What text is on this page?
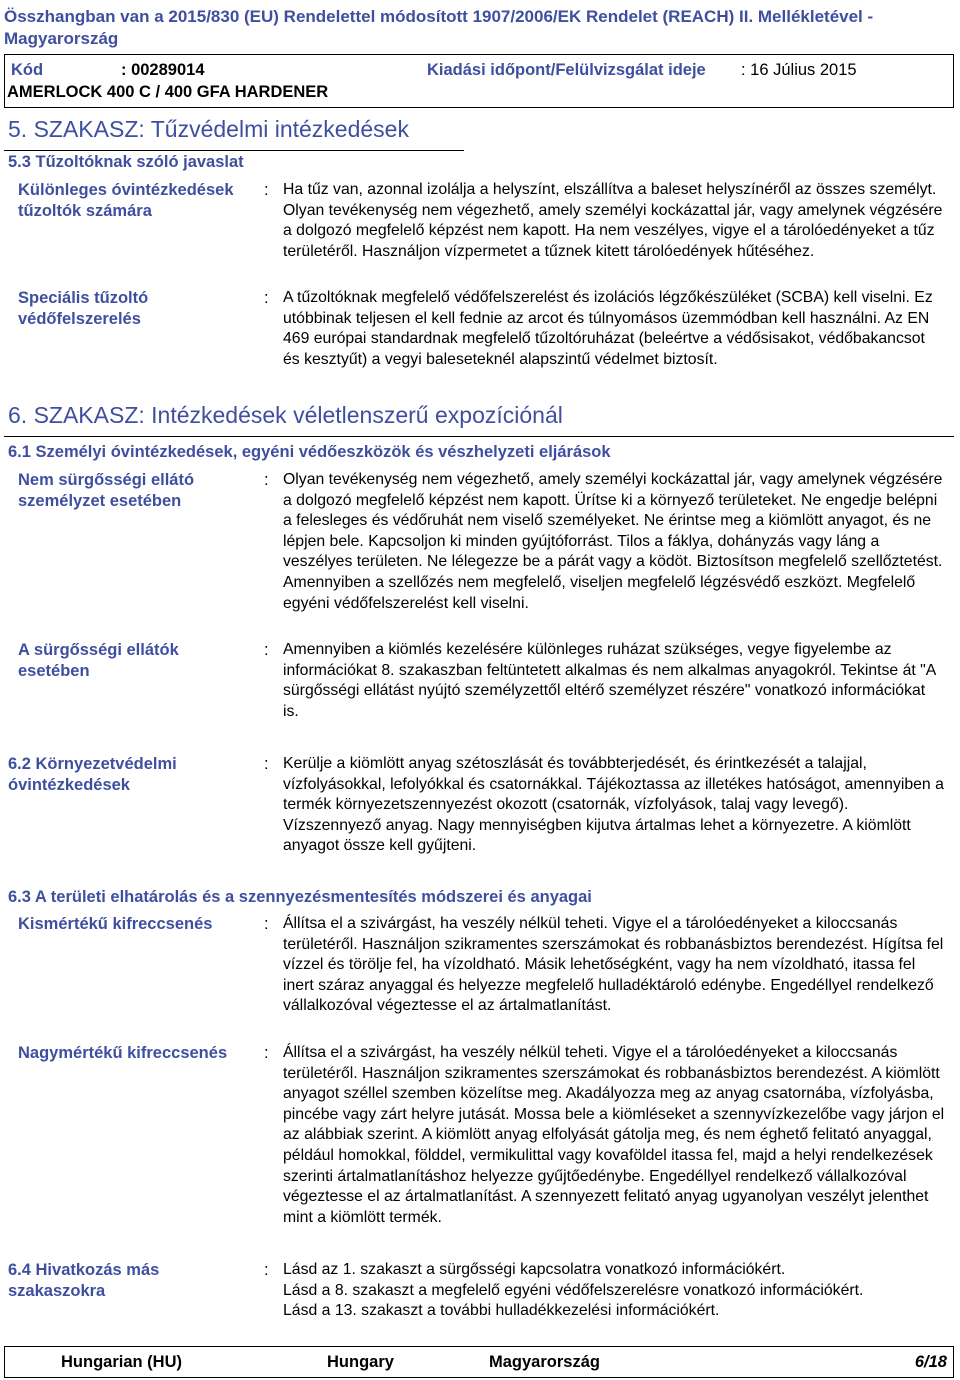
Összhangban van a 2015/830 (EU) Rendelettel módosított 1907/2006/EK Rendelet (REACH) II. Mellékletével - Magyarország
Kód	: 00289014	Kiadási időpont/Felülvizsgálat ideje : 16 Július 2015
AMERLOCK 400 C / 400 GFA HARDENER
5. SZAKASZ: Tűzvédelmi intézkedések
5.3 Tűzoltóknak szóló javaslat
Különleges óvintézkedések tűzoltók számára
: Ha tűz van, azonnal izolálja a helyszínt, elszállítva a baleset helyszínéről az összes személyt. Olyan tevékenység nem végezhető, amely személyi kockázattal jár, vagy amelynek végzésére a dolgozó megfelelő képzést nem kapott. Ha nem veszélyes, vigye el a tárolóedényeket a tűz területéről. Használjon vízpermetet a tűznek kitett tárolóedények hűtéséhez.
Speciális tűzoltó védőfelszerelés
: A tűzoltóknak megfelelő védőfelszerelést és izolációs légzőkészüléket (SCBA) kell viselni. Ez utóbbinak teljesen el kell fednie az arcot és túlnyomásos üzemmódban kell használni. Az EN 469 európai standardnak megfelelő tűzoltóruházat (beleértve a védősisakot, védőbakancsot és kesztyűt) a vegyi baleseteknél alapszintű védelmet biztosít.
6. SZAKASZ: Intézkedések véletlenszerű expozíciónál
6.1 Személyi óvintézkedések, egyéni védőeszközök és vészhelyzeti eljárások
Nem sürgősségi ellátó személyzet esetében
: Olyan tevékenység nem végezhető, amely személyi kockázattal jár, vagy amelynek végzésére a dolgozó megfelelő képzést nem kapott. Ürítse ki a környező területeket. Ne engedje belépni a felesleges és védőruhát nem viselő személyeket. Ne érintse meg a kiömlött anyagot, és ne lépjen bele. Kapcsoljon ki minden gyújtóforrást. Tilos a fáklya, dohányzás vagy láng a veszélyes területen. Ne lélegezze be a párát vagy a ködöt. Biztosítson megfelelő szellőztetést. Amennyiben a szellőzés nem megfelelő, viseljen megfelelő légzésvédő eszközt. Megfelelő egyéni védőfelszerelést kell viselni.
A sürgősségi ellátók esetében
: Amennyiben a kiömlés kezelésére különleges ruházat szükséges, vegye figyelembe az információkat 8. szakaszban feltüntetett alkalmas és nem alkalmas anyagokról. Tekintse át "A sürgősségi ellátást nyújtó személyzettől eltérő személyzet részére" vonatkozó információkat is.
6.2 Környezetvédelmi óvintézkedések
: Kerülje a kiömlött anyag szétoszlását és továbbterjedését, és érintkezését a talajjal, vízfolyásokkal, lefolyókkal és csatornákkal. Tájékoztassa az illetékes hatóságot, amennyiben a termék környezetszennyezést okozott (csatornák, vízfolyások, talaj vagy levegő). Vízszennyező anyag. Nagy mennyiségben kijutva ártalmas lehet a környezetre. A kiömlött anyagot össze kell gyűjteni.
6.3 A területi elhatárolás és a szennyezésmentesítés módszerei és anyagai
Kismértékű kifreccsenés	: Állítsa el a szivárgást, ha veszély nélkül teheti. Vigye el a tárolóedényeket a kiloccsanás területéről. Használjon szikramentes szerszámokat és robbanásbiztos berendezést. Hígítsa fel vízzel és törölje fel, ha vízoldható. Másik lehetőségként, vagy ha nem vízoldható, itassa fel inert száraz anyaggal és helyezze megfelelő hulladéktároló edénybe. Engedéllyel rendelkező vállalkozóval végeztesse el az ártalmatlanítást.
Nagymértékű kifreccsenés	: Állítsa el a szivárgást, ha veszély nélkül teheti. Vigye el a tárolóedényeket a kiloccsanás területéről. Használjon szikramentes szerszámokat és robbanásbiztos berendezést. A kiömlött anyagot széllel szemben közelítse meg. Akadályozza meg az anyag csatornába, vízfolyásba, pincébe vagy zárt helyre jutását. Mossa bele a kiömléseket a szennyvízkezelőbe vagy járjon el az alábbiak szerint. A kiömlött anyag elfolyását gátolja meg, és nem éghető felitató anyaggal, például homokkal, földdel, vermikulittal vagy kovaföldel itassa fel, majd a helyi rendelkezések szerinti ártalmatlanításhoz helyezze gyűjtőedénybe. Engedéllyel rendelkező vállalkozóval végeztesse el az ártalmatlanítást. A szennyezett felitató anyag ugyanolyan veszélyt jelenthet mint a kiömlött termék.
6.4 Hivatkozás más szakaszokra
: Lásd az 1. szakaszt a sürgősségi kapcsolatra vonatkozó információkért.
Lásd a 8. szakaszt a megfelelő egyéni védőfelszerelésre vonatkozó információkért.
Lásd a 13. szakaszt a további hulladékkezelési információkért.
Hungarian (HU)	Hungary	Magyarország	6/18
